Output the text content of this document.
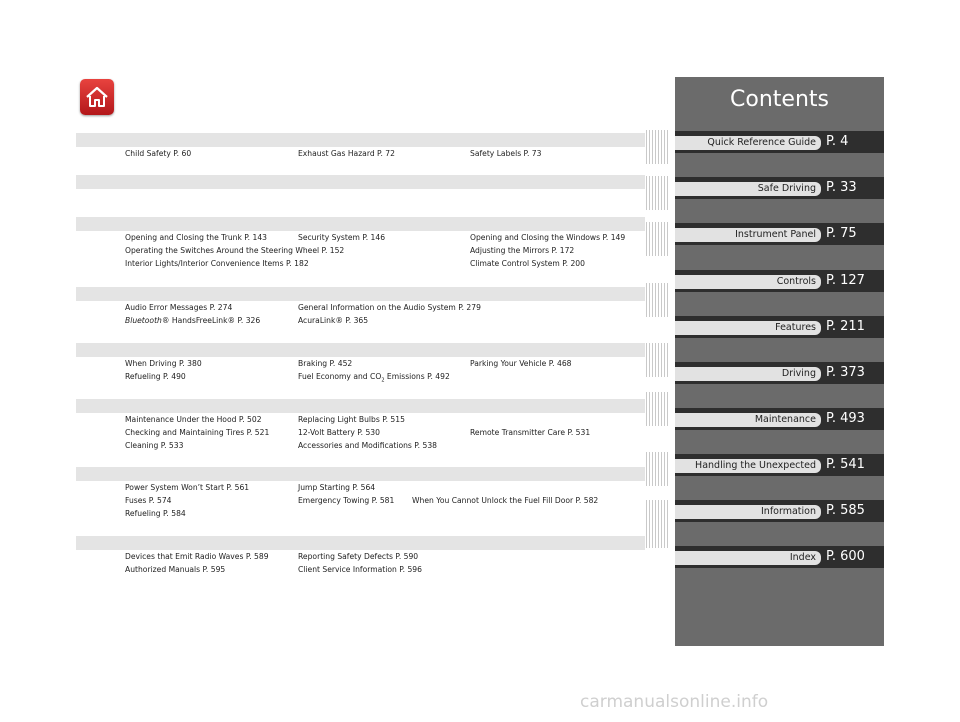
Child Safety P. 60	Exhaust Gas Hazard P. 72	Safety Labels P. 73
Opening and Closing the Trunk P. 143	Security System P. 146	Opening and Closing the Windows P. 149
Operating the Switches Around the Steering Wheel P. 152	Adjusting the Mirrors P. 172
Interior Lights/Interior Convenience Items P. 182	Climate Control System P. 200
Audio Error Messages P. 274	General Information on the Audio System P. 279
Bluetooth® HandsFreeLink® P. 326	AcuraLink® P. 365
When Driving P. 380	Braking P. 452	Parking Your Vehicle P. 468
Refueling P. 490	Fuel Economy and $CO_2$ Emissions P. 492
Maintenance Under the Hood P. 502	Replacing Light Bulbs P. 515
Checking and Maintaining Tires P. 521	12-Volt Battery P. 530	Remote Transmitter Care P. 531
Cleaning P. 533	Accessories and Modifications P. 538
Power System Won’t Start P. 561	Jump Starting P. 564
Fuses P. 574	Emergency Towing P. 581 When You Cannot Unlock the Fuel Fill Door P. 582
Refueling P. 584
Devices that Emit Radio Waves P. 589	Reporting Safety Defects P. 590
Authorized Manuals P. 595	Client Service Information P. 596
Contents
Quick Reference Guide P. 4
Safe Driving P. 33
Instrument Panel P. 75
Controls P. 127
Features P. 211
Driving P. 373
Maintenance P. 493
Handling the Unexpected P. 541
Information P. 585
Index P. 600
carmanualsonline.info
